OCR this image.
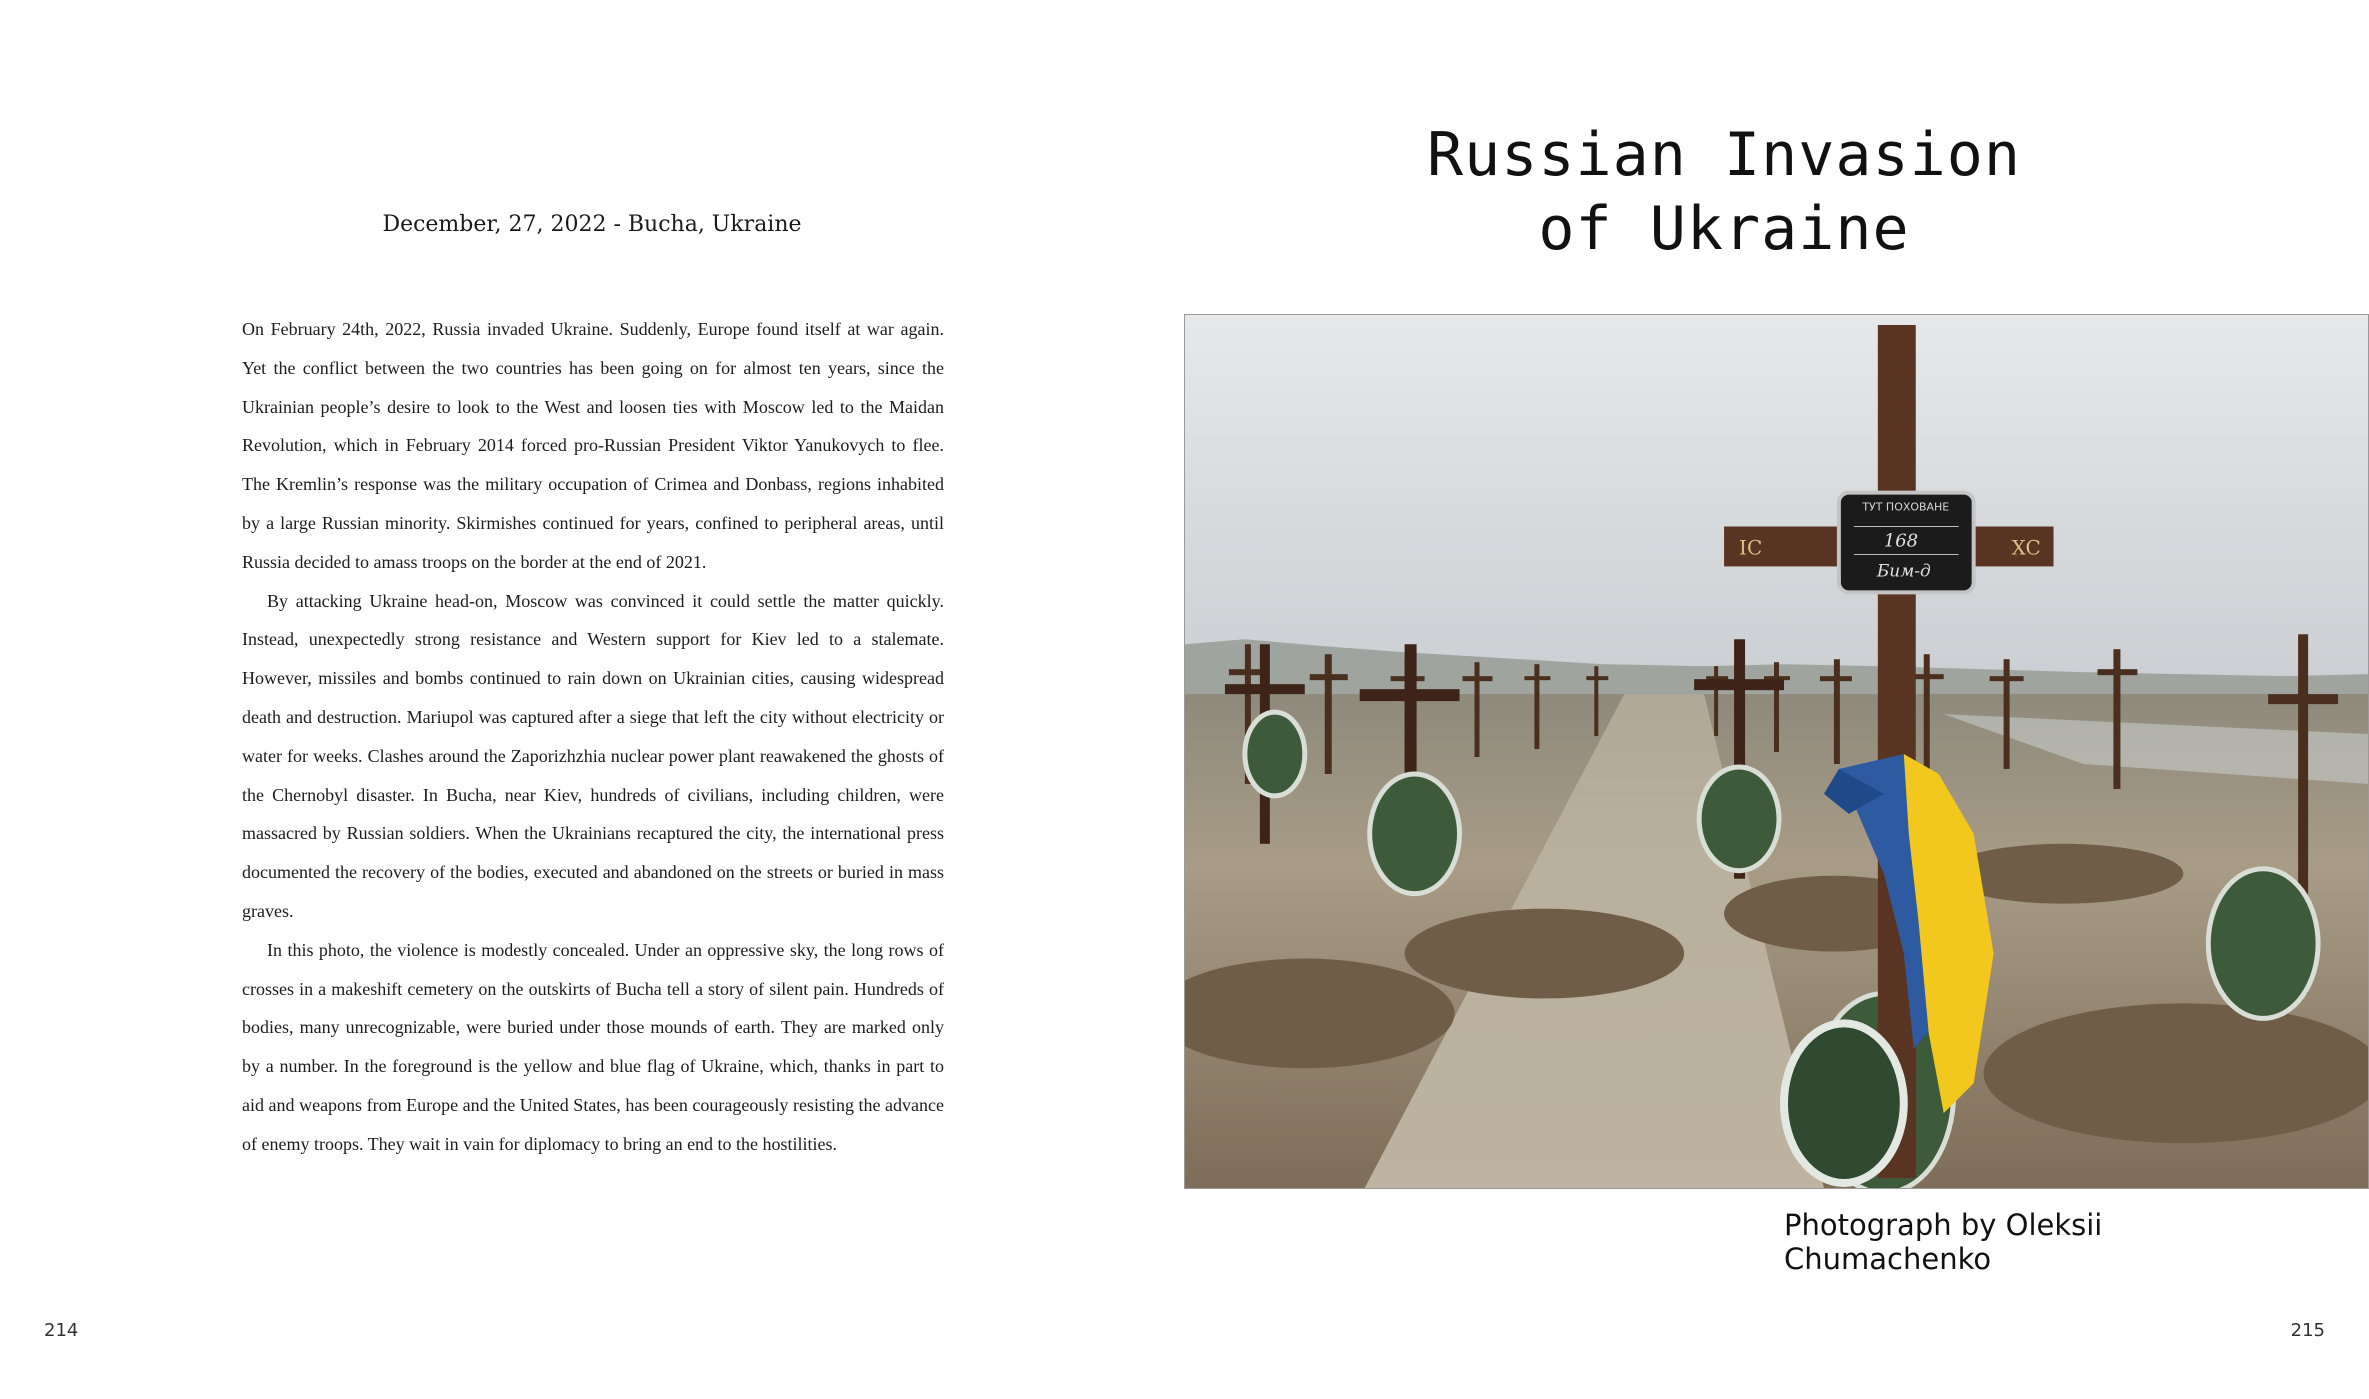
December, 27, 2022 - Bucha, Ukraine

On February 24th, 2022, Russia invaded Ukraine. Suddenly, Europe found itself at war again. Yet the conflict between the two countries has been going on for almost ten years, since the Ukrainian people’s desire to look to the West and loosen ties with Moscow led to the Maidan Revolution, which in February 2014 forced pro-Russian President Viktor Yanukovych to flee. The Kremlin’s response was the military occupation of Crimea and Donbass, regions inhabited by a large Russian minority. Skirmishes continued for years, confined to peripheral areas, until Russia decided to amass troops on the border at the end of 2021.

By attacking Ukraine head-on, Moscow was convinced it could settle the matter quickly. Instead, unexpectedly strong resistance and Western support for Kiev led to a stalemate. However, missiles and bombs continued to rain down on Ukrainian cities, causing widespread death and destruction. Mariupol was captured after a siege that left the city without electricity or water for weeks. Clashes around the Zaporizhzhia nuclear power plant reawakened the ghosts of the Chernobyl disaster. In Bucha, near Kiev, hundreds of civilians, including children, were massacred by Russian soldiers. When the Ukrainians recaptured the city, the international press documented the recovery of the bodies, executed and abandoned on the streets or buried in mass graves.

In this photo, the violence is modestly concealed. Under an oppressive sky, the long rows of crosses in a makeshift cemetery on the outskirts of Bucha tell a story of silent pain. Hundreds of bodies, many unrecognizable, were buried under those mounds of earth. They are marked only by a number. In the foreground is the yellow and blue flag of Ukraine, which, thanks in part to aid and weapons from Europe and the United States, has been courageously resisting the advance of enemy troops. They wait in vain for diplomacy to bring an end to the hostilities.

214
Russian Invasion
of Ukraine
ТУТ ПОХОВАНЕ
168
Бим-д
IC	XC
Photograph by Oleksii Chumachenko
215
